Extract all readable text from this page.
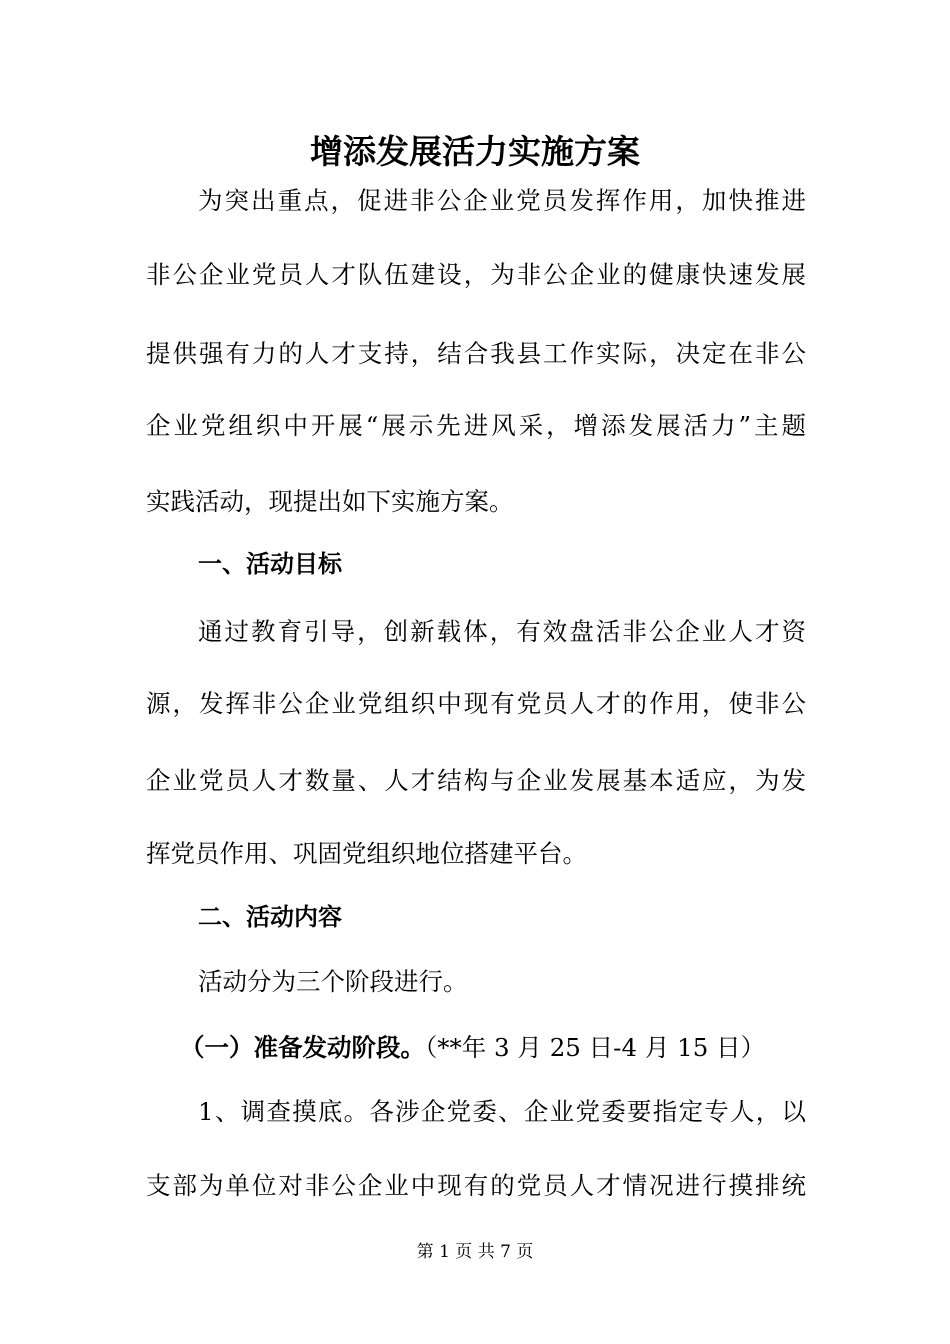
增添发展活力实施方案
为突出重点，促进非公企业党员发挥作用，加快推进
非公企业党员人才队伍建设，为非公企业的健康快速发展
提供强有力的人才支持，结合我县工作实际，决定在非公
企业党组织中开展“展示先进风采，增添发展活力”主题
实践活动，现提出如下实施方案。
一、活动目标
通过教育引导，创新载体，有效盘活非公企业人才资
源，发挥非公企业党组织中现有党员人才的作用，使非公
企业党员人才数量、人才结构与企业发展基本适应，为发
挥党员作用、巩固党组织地位搭建平台。
二、活动内容
活动分为三个阶段进行。
（一）准备发动阶段。（**年 3 月 25 日-4 月 15 日）
1、调查摸底。各涉企党委、企业党委要指定专人，以
支部为单位对非公企业中现有的党员人才情况进行摸排统
第 1 页 共 7 页
